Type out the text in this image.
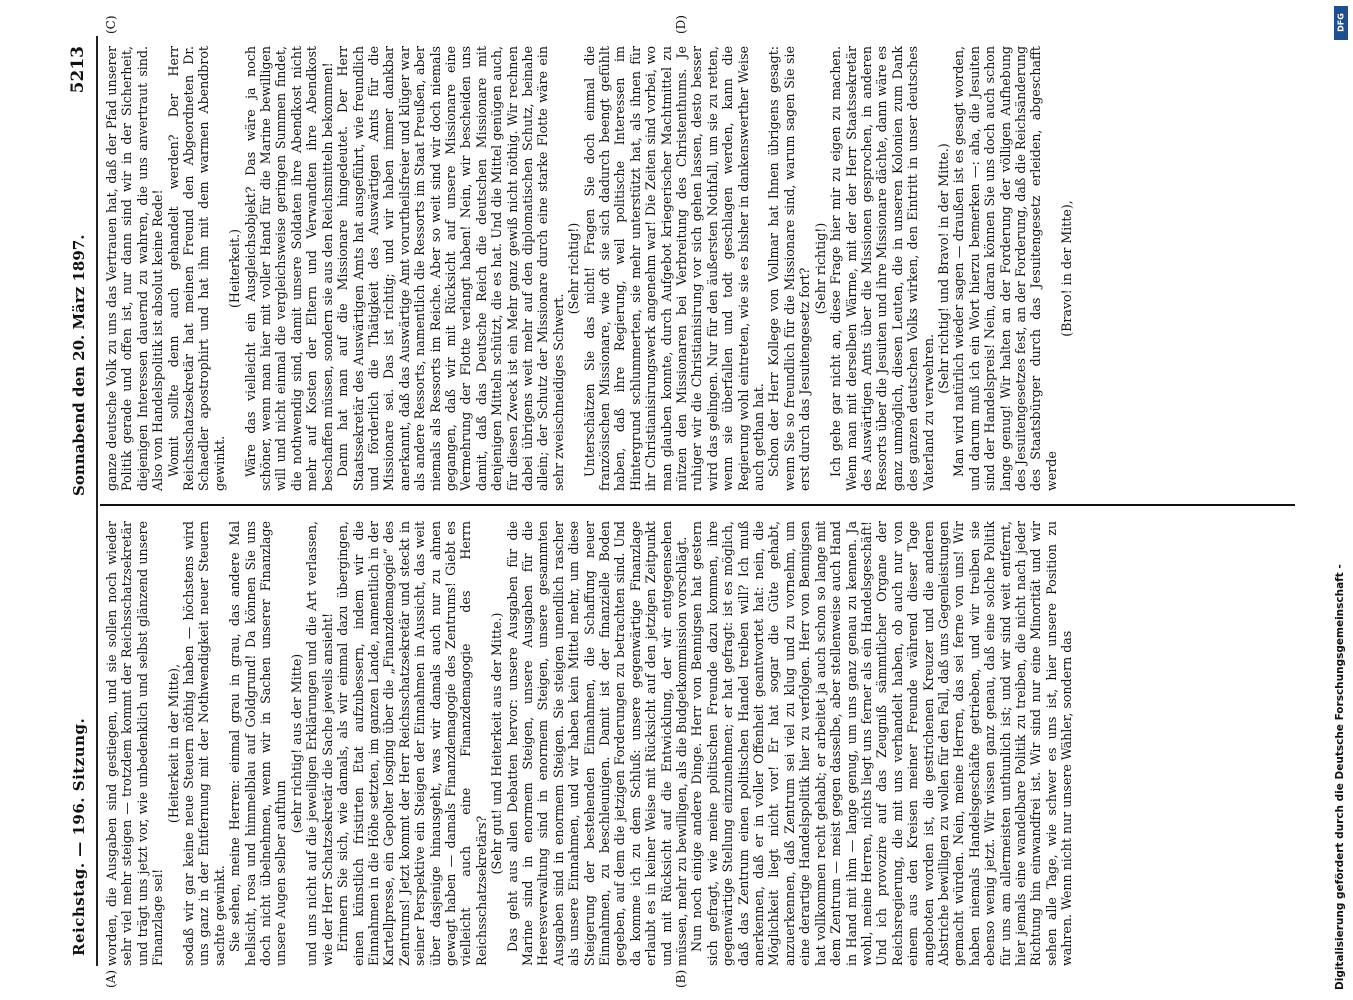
Reichstag. — 196. Sitzung.
Sonnabend den 20. März 1897.
5213

worden, die Ausgaben sind gestiegen, und sie sollen noch wieder sehr viel mehr steigen — trotzdem kommt der Reichsschatzsekretär und trägt uns jetzt vor, wie unbedenklich und selbst glänzend unsere Finanzlage sei!

(Heiterkeit in der Mitte), sodaß wir gar keine neue Steuern nöthig haben — höchstens wird uns ganz in der Entfernung mit der Nothwendigkeit neuer Steuern sachte gewinkt. Sie sehen, meine Herren: einmal grau in grau, das andere Mal hellsicht, rosa und himmelblau auf Goldgrund! Da können Sie uns doch nicht übelnehmen, wenn wir in Sachen unserer Finanzlage unsere Augen selber aufthun

(sehr richtig! aus der Mitte) und uns nicht auf die jeweiligen Erklärungen und die Art verlassen, wie der Herr Schatzsekretär die Sache jeweils ansieht! Erinnern Sie sich, wie damals, als wir einmal dazu übergingen, einen künstlich fristirten Etat aufzubessern, indem wir die Einnahmen in die Höhe setzten, im ganzen Lande, namentlich in der Kartellpresse, ein Gepolter losging über die „Finanzdemagogie“ des Zentrums! Jetzt kommt der Herr Reichsschatzsekretär und steckt in seiner Perspektive ein Steigen der Einnahmen in Aussicht, das weit über dasjenige hinausgeht, was wir damals auch nur zu ahnen gewagt haben — damals Finanzdemagogie des Zentrums! Giebt es vielleicht auch eine Finanzdemagogie des Herrn Reichsschatzsekretärs?

(Sehr gut! und Heiterkeit aus der Mitte.) Das geht aus allen Debatten hervor: unsere Ausgaben für die Marine sind in enormem Steigen, unsere Ausgaben für die Heeresverwaltung sind in enormem Steigen, unsere gesammten Ausgaben sind in enormem Steigen. Sie steigen unendlich rascher als unsere Einnahmen, und wir haben kein Mittel mehr, um diese Steigerung der bestehenden Einnahmen, die Schaffung neuer Einnahmen, zu beschleunigen. Damit ist der finanzielle Boden gegeben, auf dem die jetzigen Forderungen zu betrachten sind. Und da komme ich zu dem Schluß: unsere gegenwärtige Finanzlage erlaubt es in keiner Weise mit Rücksicht auf den jetzigen Zeitpunkt und mit Rücksicht auf die Entwicklung, der wir entgegensehen müssen, mehr zu bewilligen, als die Budgetkommission vorschlägt. Nun noch einige andere Dinge. Herr von Bennigsen hat gestern sich gefragt, wie meine politischen Freunde dazu kommen, ihre gegenwärtige Stellung einzunehmen; er hat gefragt: ist es möglich, daß das Zentrum einen politischen Handel treiben will? Ich muß anerkennen, daß er in voller Offenheit geantwortet hat: nein, die Möglichkeit liegt nicht vor! Er hat sogar die Güte gehabt, anzuerkennen, daß Zentrum sei viel zu klug und zu vornehm, um eine derartige Handelspolitik hier zu verfolgen. Herr von Bennigsen hat vollkommen recht gehabt; er arbeitet ja auch schon so lange mit dem Zentrum — meist gegen dasselbe, aber stellenweise auch Hand in Hand mit ihm — lange genug, um uns ganz genau zu kennen. Ja wohl, meine Herren, nichts liegt uns ferner als ein Handelsgeschäft! Und ich provozire auf das Zeugniß sämmtlicher Organe der Reichsregierung, die mit uns verhandelt haben, ob auch nur von einem aus den Kreisen meiner Freunde während dieser Tage angeboten worden ist, die gestrichenen Kreuzer und die anderen Abstriche bewilligen zu wollen für den Fall, daß uns Gegenleistungen gemacht würden. Nein, meine Herren, das sei ferne von uns! Wir haben niemals Handelsgeschäfte getrieben, und wir treiben sie ebenso wenig jetzt. Wir wissen ganz genau, daß eine solche Politik für uns am allermeisten unthunlich ist; und wir sind weit entfernt, hier jemals eine wandelbare Politik zu treiben, die nicht nach jeder Richtung hin einwandfrei ist. Wir sind nur eine Minorität und wir sehen alle Tage, wie schwer es uns ist, hier unsere Position zu wahren. Wenn nicht nur unsere Wähler, sondern das

ganze deutsche Volk zu uns das Vertrauen hat, daß der Pfad unserer Politik gerade und offen ist, nur dann sind wir in der Sicherheit, diejenigen Interessen dauernd zu wahren, die uns anvertraut sind. Also von Handelspolitik ist absolut keine Rede! Womit sollte denn auch gehandelt werden? Der Herr Reichsschatzsekretär hat meinen Freund den Abgeordneten Dr. Schaedler apostrophirt und hat ihm mit dem warmen Abendbrot gewinkt.

(Heiterkeit.) Wäre das vielleicht ein Ausgleichsobjekt? Das wäre ja noch schöner, wenn man hier mit voller Hand für die Marine bewilligen will und nicht einmal die vergleichsweise geringen Summen findet, die nothwendig sind, damit unsere Soldaten ihre Abendkost nicht mehr auf Kosten der Eltern und Verwandten ihre Abendkost beschaffen müssen, sondern sie aus den Reichsmitteln bekommen! Dann hat man auf die Missionare hingedeutet. Der Herr Staatssekretär des Auswärtigen Amts hat ausgeführt, wie freundlich und förderlich die Thätigkeit des Auswärtigen Amts für die Missionare sei. Das ist richtig; und wir haben immer dankbar anerkannt, daß das Auswärtige Amt vorurtheilsfreier und klüger war als andere Ressorts, namentlich die Ressorts im Staat Preußen, aber niemals als Ressorts im Reiche. Aber so weit sind wir doch niemals gegangen, daß wir mit Rücksicht auf unsere Missionare eine Vermehrung der Flotte verlangt haben! Nein, wir bescheiden uns damit, daß das Deutsche Reich die deutschen Missionare mit denjenigen Mitteln schützt, die es hat. Und die Mittel genügen auch, für diesen Zweck ist ein Mehr ganz gewiß nicht nöthig. Wir rechnen dabei übrigens weit mehr auf den diplomatischen Schutz, beinahe allein; der Schutz der Missionare durch eine starke Flotte wäre ein sehr zweischneidiges Schwert.

(Sehr richtig!) Unterschätzen Sie das nicht! Fragen Sie doch einmal die französischen Missionare, wie oft sie sich dadurch beengt gefühlt haben, daß ihre Regierung, weil politische Interessen im Hintergrund schlummerten, sie mehr unterstützt hat, als ihnen für ihr Christianisirungswerk angenehm war! Die Zeiten sind vorbei, wo man glauben konnte, durch Aufgebot kriegerischer Machtmittel zu nützen den Missionaren bei Verbreitung des Christenthums. Je ruhiger wir die Christianisirung vor sich gehen lassen, desto besser wird das gelingen. Nur für den äußersten Nothfall, um sie zu retten, wenn sie überfallen und todt geschlagen werden, kann die Regierung wohl eintreten, wie sie es bisher in dankenswerther Weise auch gethan hat. Schon der Herr Kollege von Vollmar hat Ihnen übrigens gesagt: wenn Sie so freundlich für die Missionare sind, warum sagen Sie sie erst durch das Jesuitengesetz fort? (Sehr richtig!) Ich gehe gar nicht an, diese Frage hier mir zu eigen zu machen. Wenn man mit derselben Wärme, mit der der Herr Staatssekretär des Auswärtigen Amts über die Missionen gesprochen, in anderen Ressorts über die Jesuiten und ihre Missionare dächte, dann wäre es ganz unmöglich, diesen Leuten, die in unseren Kolonien zum Dank des ganzen deutschen Volks wirken, den Eintritt in unser deutsches Vaterland zu verwehren.

(Sehr richtig! und Bravo! in der Mitte.) Man wird natürlich wieder sagen — draußen ist es gesagt worden, und darum muß ich ein Wort hierzu bemerken —: aha, die Jesuiten sind der Handelspreis! Nein, daran können Sie uns doch auch schon lange genug! Wir halten an der Forderung der völligen Aufhebung des Jesuitengesetzes fest, an der Forderung, daß die Reichsänderung des Staatsbürger durch das Jesuitengesetz erleiden, abgeschafft werde

(Bravo! in der Mitte),

(A)	(B)
(C)	(D)
Digitalisierung gefördert durch die Deutsche Forschungsgemeinschaft -
DFG
